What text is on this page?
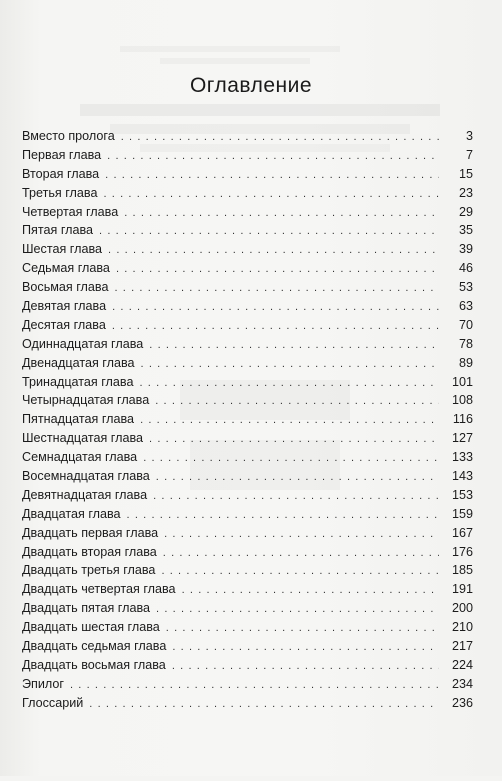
Оглавление
Вместо пролога . . .	3
Первая глава . . .	7
Вторая глава . . .	15
Третья глава . . .	23
Четвертая глава . . .	29
Пятая глава . . .	35
Шестая глава . . .	39
Седьмая глава . . .	46
Восьмая глава . . .	53
Девятая глава . . .	63
Десятая глава . . .	70
Одиннадцатая глава . . .	78
Двенадцатая глава . . .	89
Тринадцатая глава . . .	101
Четырнадцатая глава . . .	108
Пятнадцатая глава . . .	116
Шестнадцатая глава . . .	127
Семнадцатая глава . . .	133
Восемнадцатая глава . . .	143
Девятнадцатая глава . . .	153
Двадцатая глава . . .	159
Двадцать первая глава . . .	167
Двадцать вторая глава . . .	176
Двадцать третья глава . . .	185
Двадцать четвертая глава . . .	191
Двадцать пятая глава . . .	200
Двадцать шестая глава . . .	210
Двадцать седьмая глава . . .	217
Двадцать восьмая глава . . .	224
Эпилог . . .	234
Глоссарий . . .	236
